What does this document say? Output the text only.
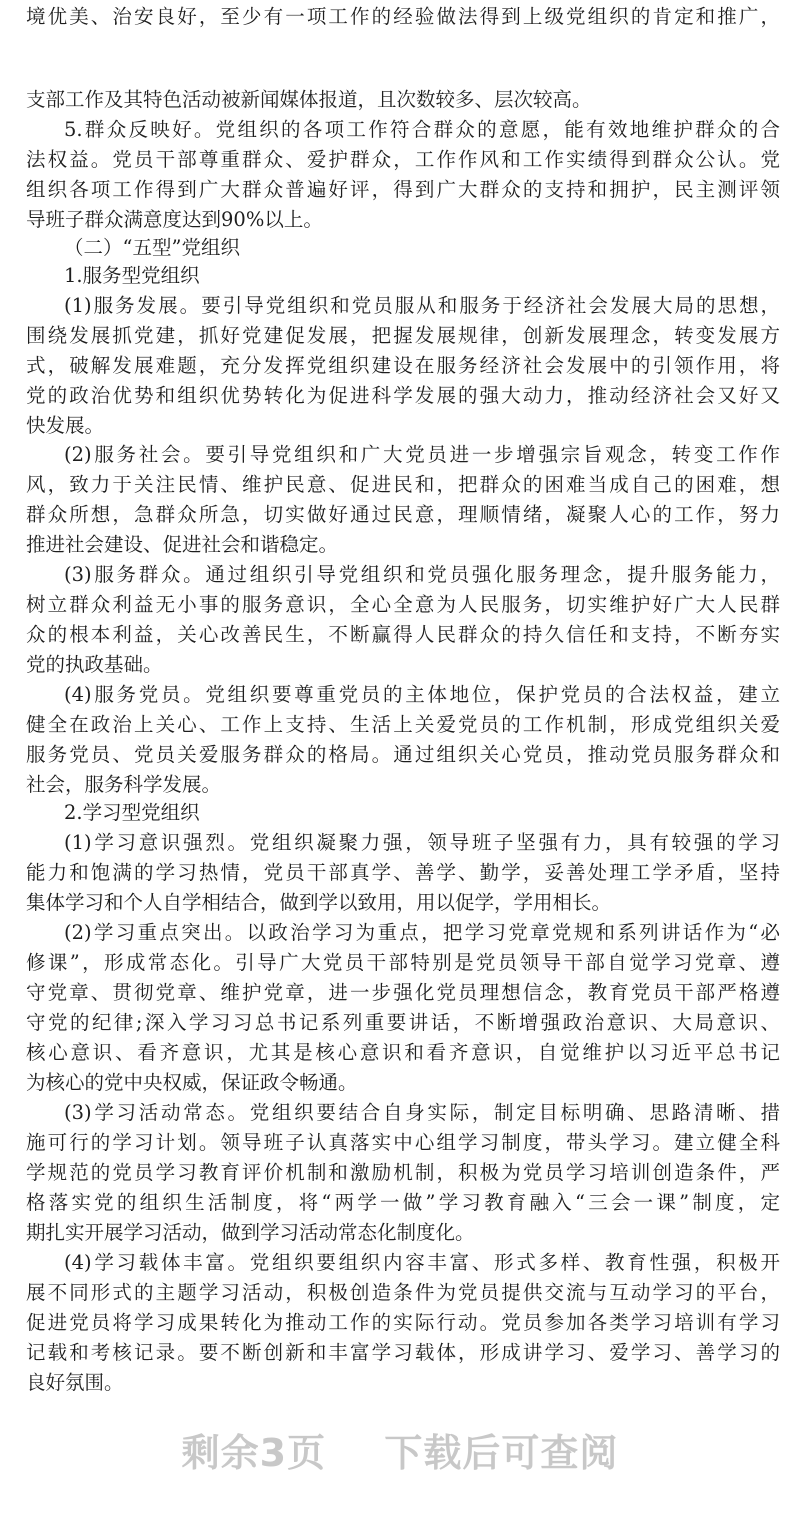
境优美、治安良好，至少有一项工作的经验做法得到上级党组织的肯定和推广，
支部工作及其特色活动被新闻媒体报道，且次数较多、层次较高。
5.群众反映好。党组织的各项工作符合群众的意愿，能有效地维护群众的合
法权益。党员干部尊重群众、爱护群众，工作作风和工作实绩得到群众公认。党
组织各项工作得到广大群众普遍好评，得到广大群众的支持和拥护，民主测评领
导班子群众满意度达到90%以上。
（二）“五型”党组织
1.服务型党组织
(1)服务发展。要引导党组织和党员服从和服务于经济社会发展大局的思想，
围绕发展抓党建，抓好党建促发展，把握发展规律，创新发展理念，转变发展方
式，破解发展难题，充分发挥党组织建设在服务经济社会发展中的引领作用，将
党的政治优势和组织优势转化为促进科学发展的强大动力，推动经济社会又好又
快发展。
(2)服务社会。要引导党组织和广大党员进一步增强宗旨观念，转变工作作
风，致力于关注民情、维护民意、促进民和，把群众的困难当成自己的困难，想
群众所想，急群众所急，切实做好通过民意，理顺情绪，凝聚人心的工作，努力
推进社会建设、促进社会和谐稳定。
(3)服务群众。通过组织引导党组织和党员强化服务理念，提升服务能力，
树立群众利益无小事的服务意识，全心全意为人民服务，切实维护好广大人民群
众的根本利益，关心改善民生，不断赢得人民群众的持久信任和支持，不断夯实
党的执政基础。
(4)服务党员。党组织要尊重党员的主体地位，保护党员的合法权益，建立
健全在政治上关心、工作上支持、生活上关爱党员的工作机制，形成党组织关爱
服务党员、党员关爱服务群众的格局。通过组织关心党员，推动党员服务群众和
社会，服务科学发展。
2.学习型党组织
(1)学习意识强烈。党组织凝聚力强，领导班子坚强有力，具有较强的学习
能力和饱满的学习热情，党员干部真学、善学、勤学，妥善处理工学矛盾，坚持
集体学习和个人自学相结合，做到学以致用，用以促学，学用相长。
(2)学习重点突出。以政治学习为重点，把学习党章党规和系列讲话作为“必
修课”，形成常态化。引导广大党员干部特别是党员领导干部自觉学习党章、遵
守党章、贯彻党章、维护党章，进一步强化党员理想信念，教育党员干部严格遵
守党的纪律;深入学习习总书记系列重要讲话，不断增强政治意识、大局意识、
核心意识、看齐意识，尤其是核心意识和看齐意识，自觉维护以习近平总书记
为核心的党中央权威，保证政令畅通。
(3)学习活动常态。党组织要结合自身实际，制定目标明确、思路清晰、措
施可行的学习计划。领导班子认真落实中心组学习制度，带头学习。建立健全科
学规范的党员学习教育评价机制和激励机制，积极为党员学习培训创造条件，严
格落实党的组织生活制度，将“两学一做”学习教育融入“三会一课”制度，定
期扎实开展学习活动，做到学习活动常态化制度化。
(4)学习载体丰富。党组织要组织内容丰富、形式多样、教育性强，积极开
展不同形式的主题学习活动，积极创造条件为党员提供交流与互动学习的平台，
促进党员将学习成果转化为推动工作的实际行动。党员参加各类学习培训有学习
记载和考核记录。要不断创新和丰富学习载体，形成讲学习、爱学习、善学习的
良好氛围。
剩余3页 下载后可查阅
